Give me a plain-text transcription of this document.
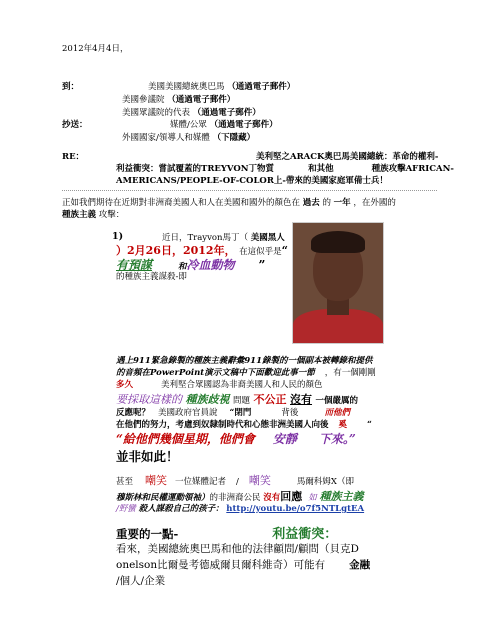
2012年4月4日，
到：	美國美國總統奧巴馬 （通過電子郵件）
美國參議院 （通過電子郵件）
美國眾議院的代表 （通過電子郵件）
抄送：	媒體/公眾 （通過電子郵件）
外國國家/領導人和媒體 （下隱藏）
RE：	美利堅之ARACK奧巴馬美國總統：革命的權利-
利益衝突：嘗試覆蓋的TREYVON丁物質	和其他	種族攻擊AFRICAN-
AMERICANS/PEOPLE-OF-COLOR上-帶來的美國家庭軍備士兵！
正如我們期待在近期對非洲裔美國人和人在美國和國外的顏色在 過去 的 一年 ，在外國的
種族主義 攻擊：
1)	近日，Trayvon馬丁（ 美國黑人
）2月26日，2012年， 在這似乎是“
有預謀	和冷血動物 ”
的種族主義謀殺-即
遇上911緊急錄製的種族主義辭彙911錄製的一個副本被轉錄和提供
的音頻在PowerPoint演示文稿中下面歡迎此事一節 ，有一個剛剛
多久	美利堅合眾國認為非裔美國人和人民的顏色
要採取這樣的 種族歧視 問題 不公正 沒有 一個嚴厲的
反應呢？ 美國政府官員說 “閉門	背後	而他們
在他們的努力，考慮到奴隸制時代和心態非洲美國人向後 奚 “
“給他們幾個星期，他們會 安靜 下來。”
並非如此！
甚至 嘲笑 一位媒體記者 / 嘲笑	馬爾科姆X（即
穆斯林和民權運動領袖）的非洲裔公民 沒有回應 如 種族主義
/野蠻 殺人謀殺自己的孩子： http://youtu.be/o7f5NTLgtEA
重要的一點-	利益衝突：
看來，美國總統奧巴馬和他的法律顧問/顧問（貝克D
onelson比爾曼考德威爾貝爾科維奇）可能有 金融
/個人/企業
